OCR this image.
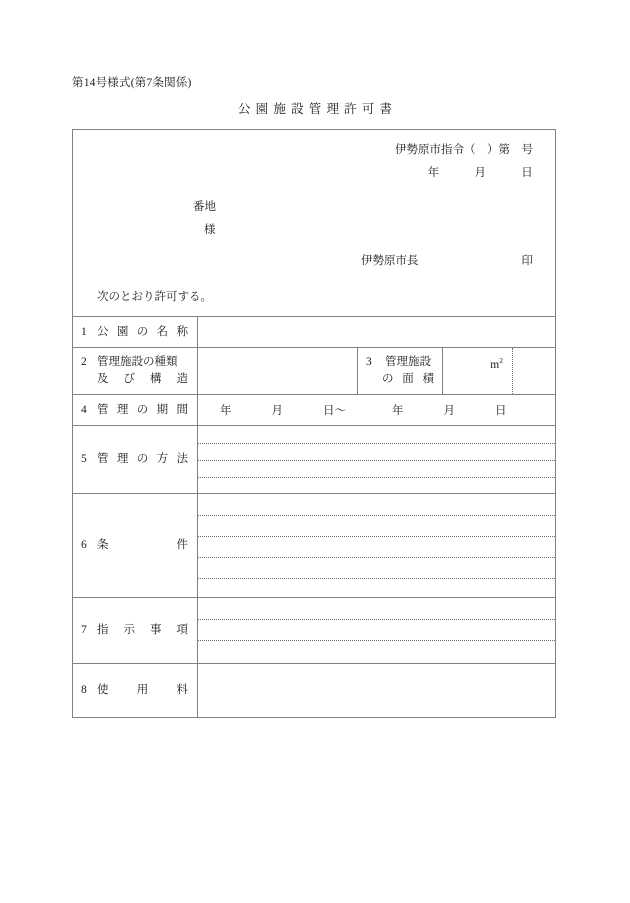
第14号様式(第7条関係)
公園施設管理許可書
伊勢原市指令（　）第　号
年　　　月　　　日
番地
様
伊勢原市長	印
次のとおり許可する。
1 公 園 の 名 称
2 管理施設の種類
及 び 構 造
3	管理施設
の 面 積
$m^2$
4 管 理 の 期 間	年	月	日〜	年	月	日
5 管 理 の 方 法
6 条	件
7 指 示 事 項
8 使 用 料
